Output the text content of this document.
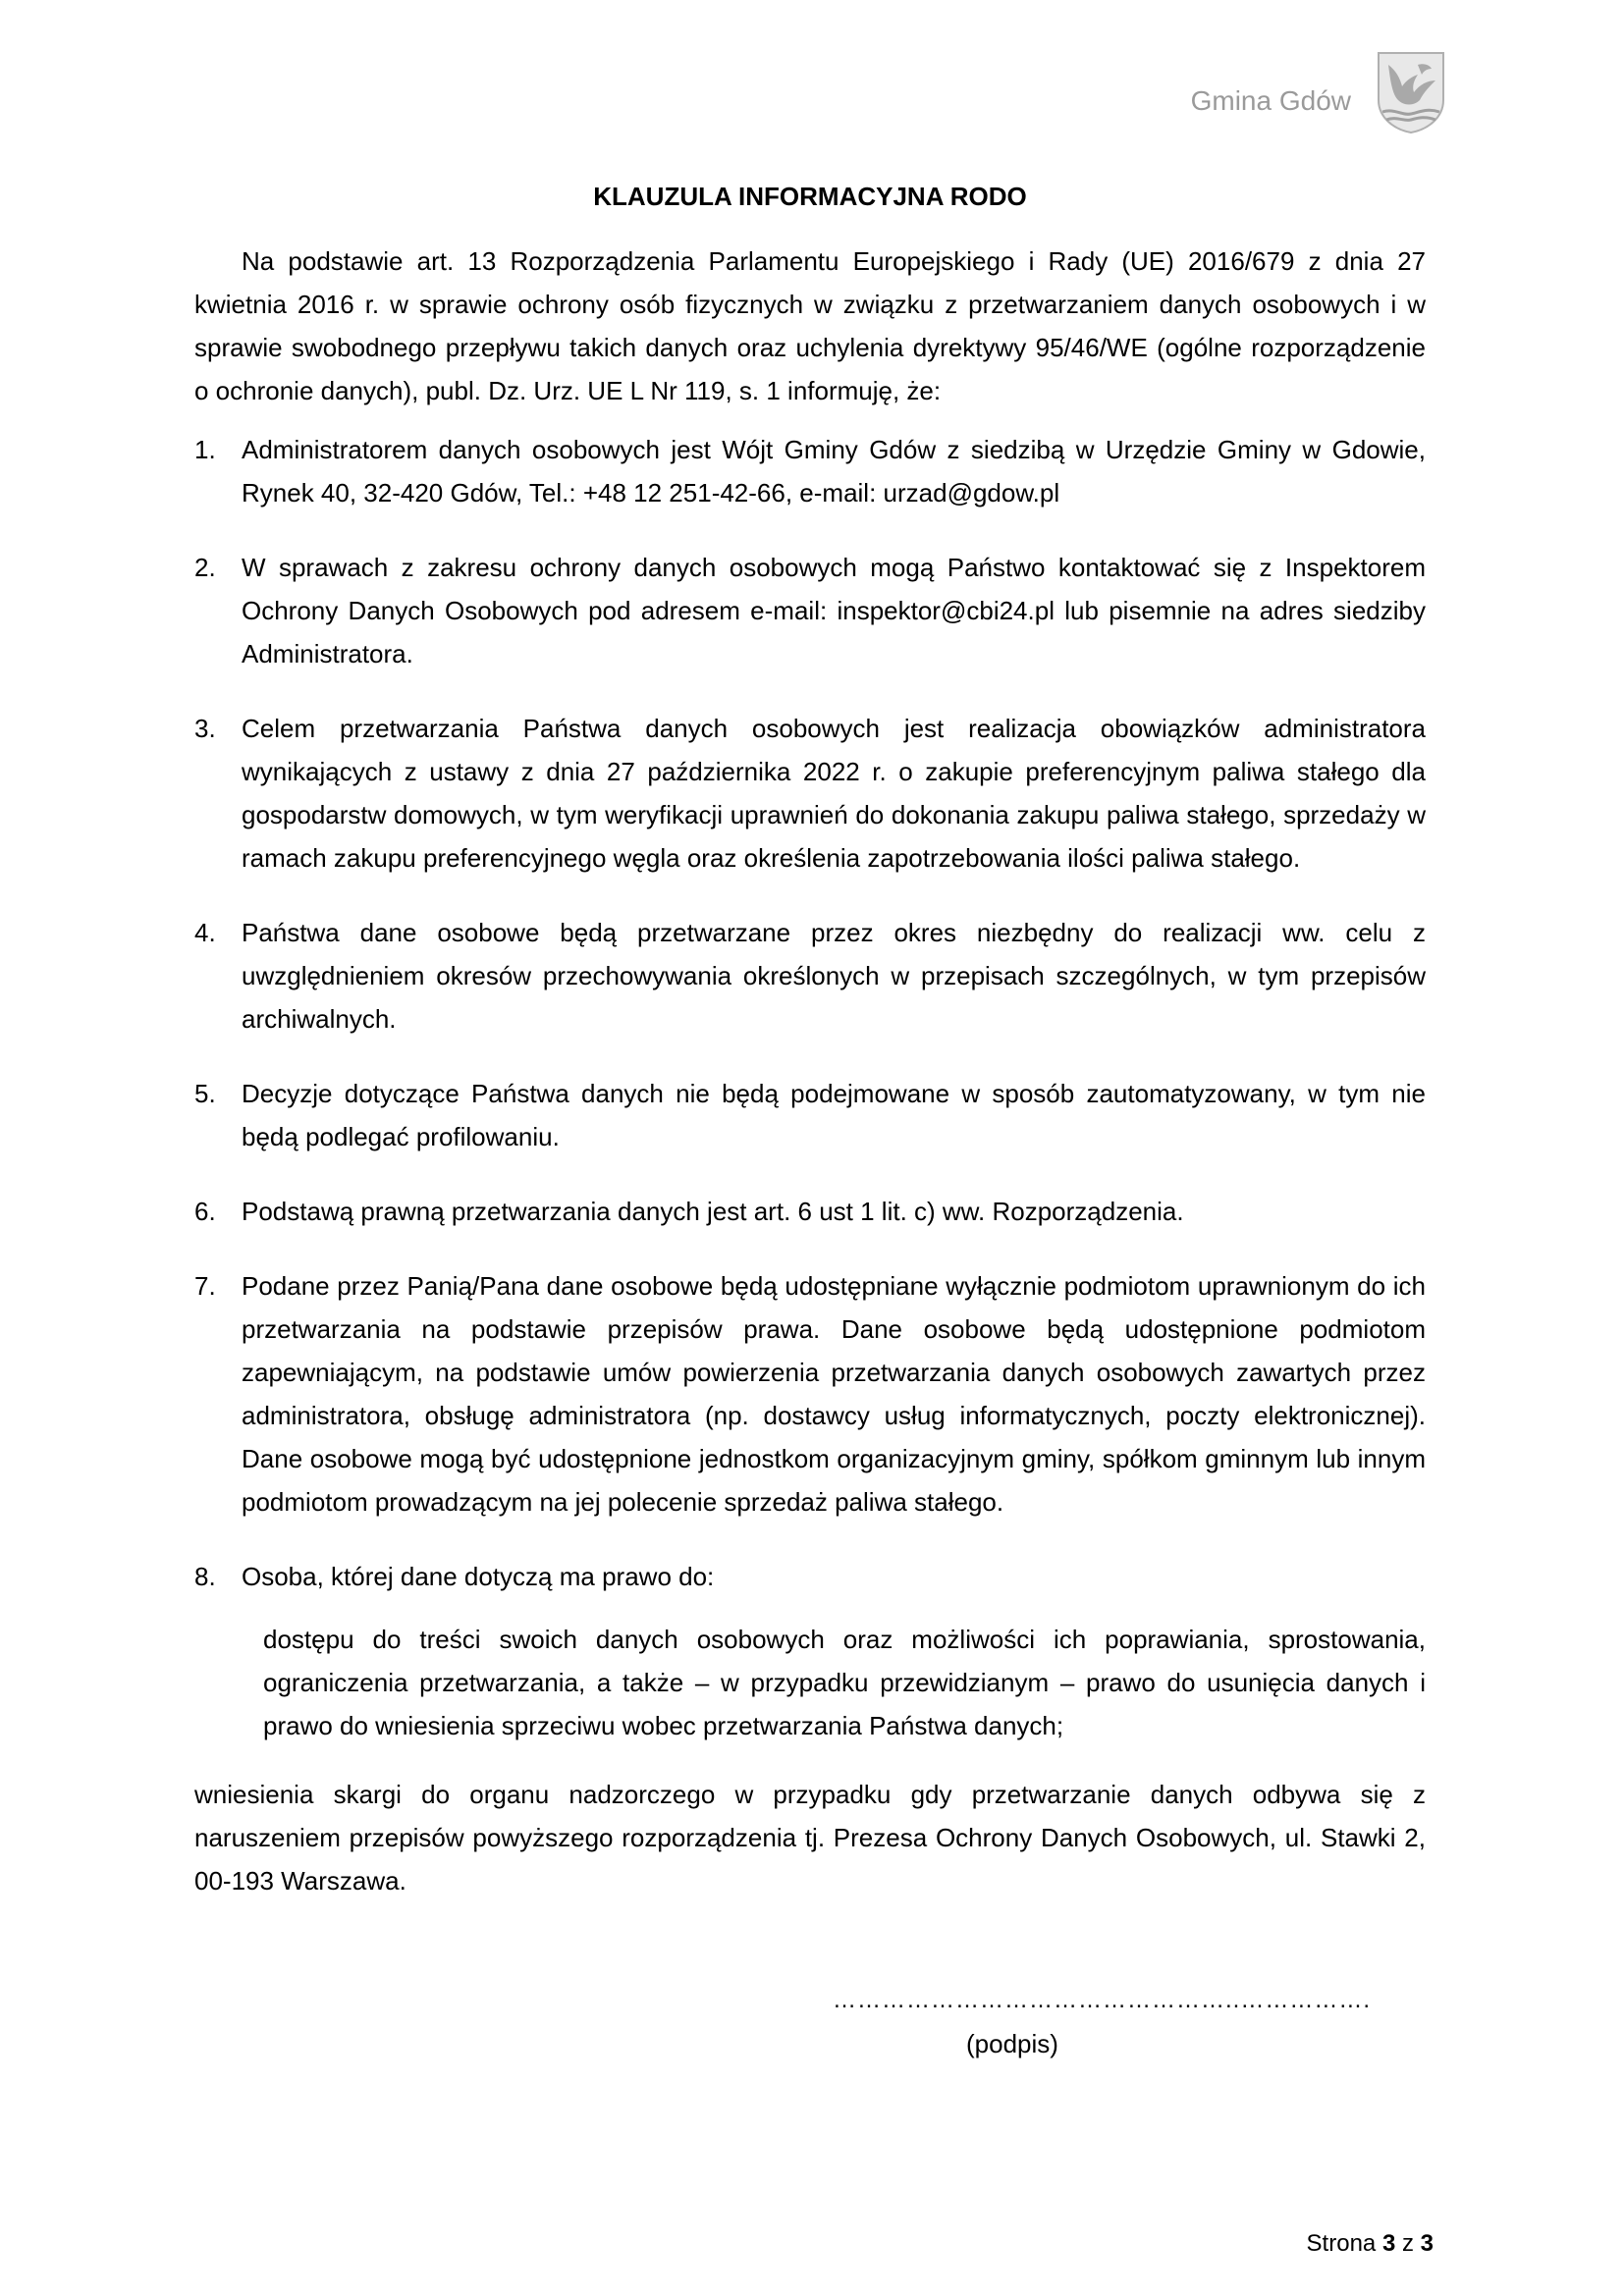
Gmina Gdów
KLAUZULA INFORMACYJNA RODO

Na podstawie art. 13 Rozporządzenia Parlamentu Europejskiego i Rady (UE) 2016/679 z dnia 27 kwietnia 2016 r. w sprawie ochrony osób fizycznych w związku z przetwarzaniem danych osobowych i w sprawie swobodnego przepływu takich danych oraz uchylenia dyrektywy 95/46/WE (ogólne rozporządzenie o ochronie danych), publ. Dz. Urz. UE L Nr 119, s. 1 informuję, że:

1. Administratorem danych osobowych jest Wójt Gminy Gdów z siedzibą w Urzędzie Gminy w Gdowie, Rynek 40, 32-420 Gdów, Tel.: +48 12 251-42-66, e-mail: urzad@gdow.pl
2. W sprawach z zakresu ochrony danych osobowych mogą Państwo kontaktować się z Inspektorem Ochrony Danych Osobowych pod adresem e-mail: inspektor@cbi24.pl lub pisemnie na adres siedziby Administratora.
3. Celem przetwarzania Państwa danych osobowych jest realizacja obowiązków administratora wynikających z ustawy z dnia 27 października 2022 r. o zakupie preferencyjnym paliwa stałego dla gospodarstw domowych, w tym weryfikacji uprawnień do dokonania zakupu paliwa stałego, sprzedaży w ramach zakupu preferencyjnego węgla oraz określenia zapotrzebowania ilości paliwa stałego.
4. Państwa dane osobowe będą przetwarzane przez okres niezbędny do realizacji ww. celu z uwzględnieniem okresów przechowywania określonych w przepisach szczególnych, w tym przepisów archiwalnych.
5. Decyzje dotyczące Państwa danych nie będą podejmowane w sposób zautomatyzowany, w tym nie będą podlegać profilowaniu.
6. Podstawą prawną przetwarzania danych jest art. 6 ust 1 lit. c) ww. Rozporządzenia.
7. Podane przez Panią/Pana dane osobowe będą udostępniane wyłącznie podmiotom uprawnionym do ich przetwarzania na podstawie przepisów prawa. Dane osobowe będą udostępnione podmiotom zapewniającym, na podstawie umów powierzenia przetwarzania danych osobowych zawartych przez administratora, obsługę administratora (np. dostawcy usług informatycznych, poczty elektronicznej). Dane osobowe mogą być udostępnione jednostkom organizacyjnym gminy, spółkom gminnym lub innym podmiotom prowadzącym na jej polecenie sprzedaż paliwa stałego.
8. Osoba, której dane dotyczą ma prawo do:

dostępu do treści swoich danych osobowych oraz możliwości ich poprawiania, sprostowania, ograniczenia przetwarzania, a także – w przypadku przewidzianym – prawo do usunięcia danych i prawo do wniesienia sprzeciwu wobec przetwarzania Państwa danych;

wniesienia skargi do organu nadzorczego w przypadku gdy przetwarzanie danych odbywa się z naruszeniem przepisów powyższego rozporządzenia tj. Prezesa Ochrony Danych Osobowych, ul. Stawki 2, 00-193 Warszawa.

…………………………………………..…………….
(podpis)
Strona 3 z 3
